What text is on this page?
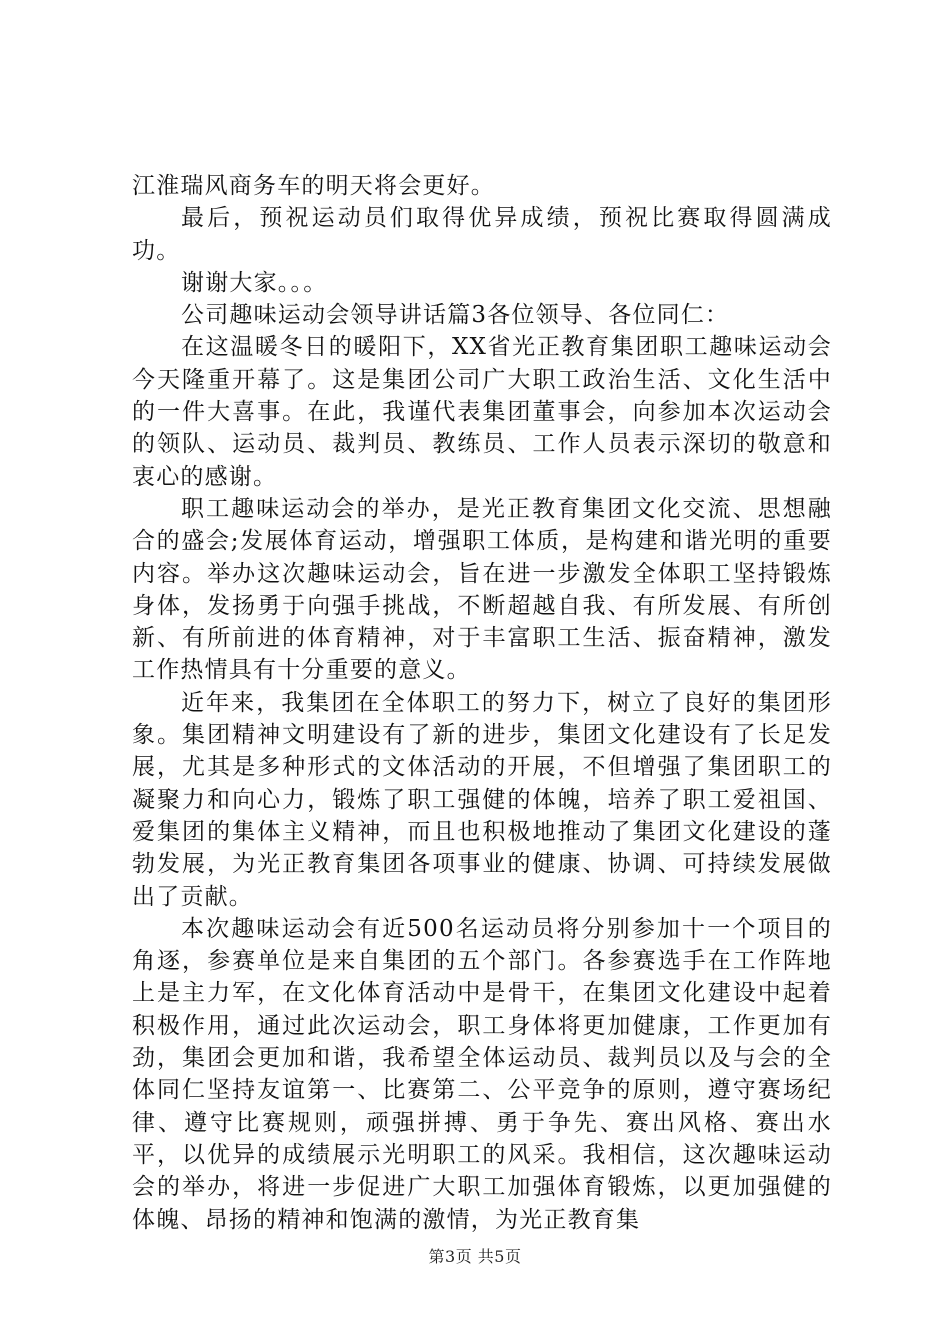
江淮瑞风商务车的明天将会更好。

最后，预祝运动员们取得优异成绩，预祝比赛取得圆满成功。

谢谢大家。。。

公司趣味运动会领导讲话篇3各位领导、各位同仁：

在这温暖冬日的暖阳下，XX省光正教育集团职工趣味运动会今天隆重开幕了。这是集团公司广大职工政治生活、文化生活中的一件大喜事。在此，我谨代表集团董事会，向参加本次运动会的领队、运动员、裁判员、教练员、工作人员表示深切的敬意和衷心的感谢。

职工趣味运动会的举办，是光正教育集团文化交流、思想融合的盛会;发展体育运动，增强职工体质，是构建和谐光明的重要内容。举办这次趣味运动会，旨在进一步激发全体职工坚持锻炼身体，发扬勇于向强手挑战，不断超越自我、有所发展、有所创新、有所前进的体育精神，对于丰富职工生活、振奋精神，激发工作热情具有十分重要的意义。

近年来，我集团在全体职工的努力下，树立了良好的集团形象。集团精神文明建设有了新的进步，集团文化建设有了长足发展，尤其是多种形式的文体活动的开展，不但增强了集团职工的凝聚力和向心力，锻炼了职工强健的体魄，培养了职工爱祖国、爱集团的集体主义精神，而且也积极地推动了集团文化建设的蓬勃发展，为光正教育集团各项事业的健康、协调、可持续发展做出了贡献。

本次趣味运动会有近500名运动员将分别参加十一个项目的角逐，参赛单位是来自集团的五个部门。各参赛选手在工作阵地上是主力军，在文化体育活动中是骨干，在集团文化建设中起着积极作用，通过此次运动会，职工身体将更加健康，工作更加有劲，集团会更加和谐，我希望全体运动员、裁判员以及与会的全体同仁坚持友谊第一、比赛第二、公平竞争的原则，遵守赛场纪律、遵守比赛规则，顽强拼搏、勇于争先、赛出风格、赛出水平，以优异的成绩展示光明职工的风采。我相信，这次趣味运动会的举办，将进一步促进广大职工加强体育锻炼，以更加强健的体魄、昂扬的精神和饱满的激情，为光正教育集

第3页 共5页
